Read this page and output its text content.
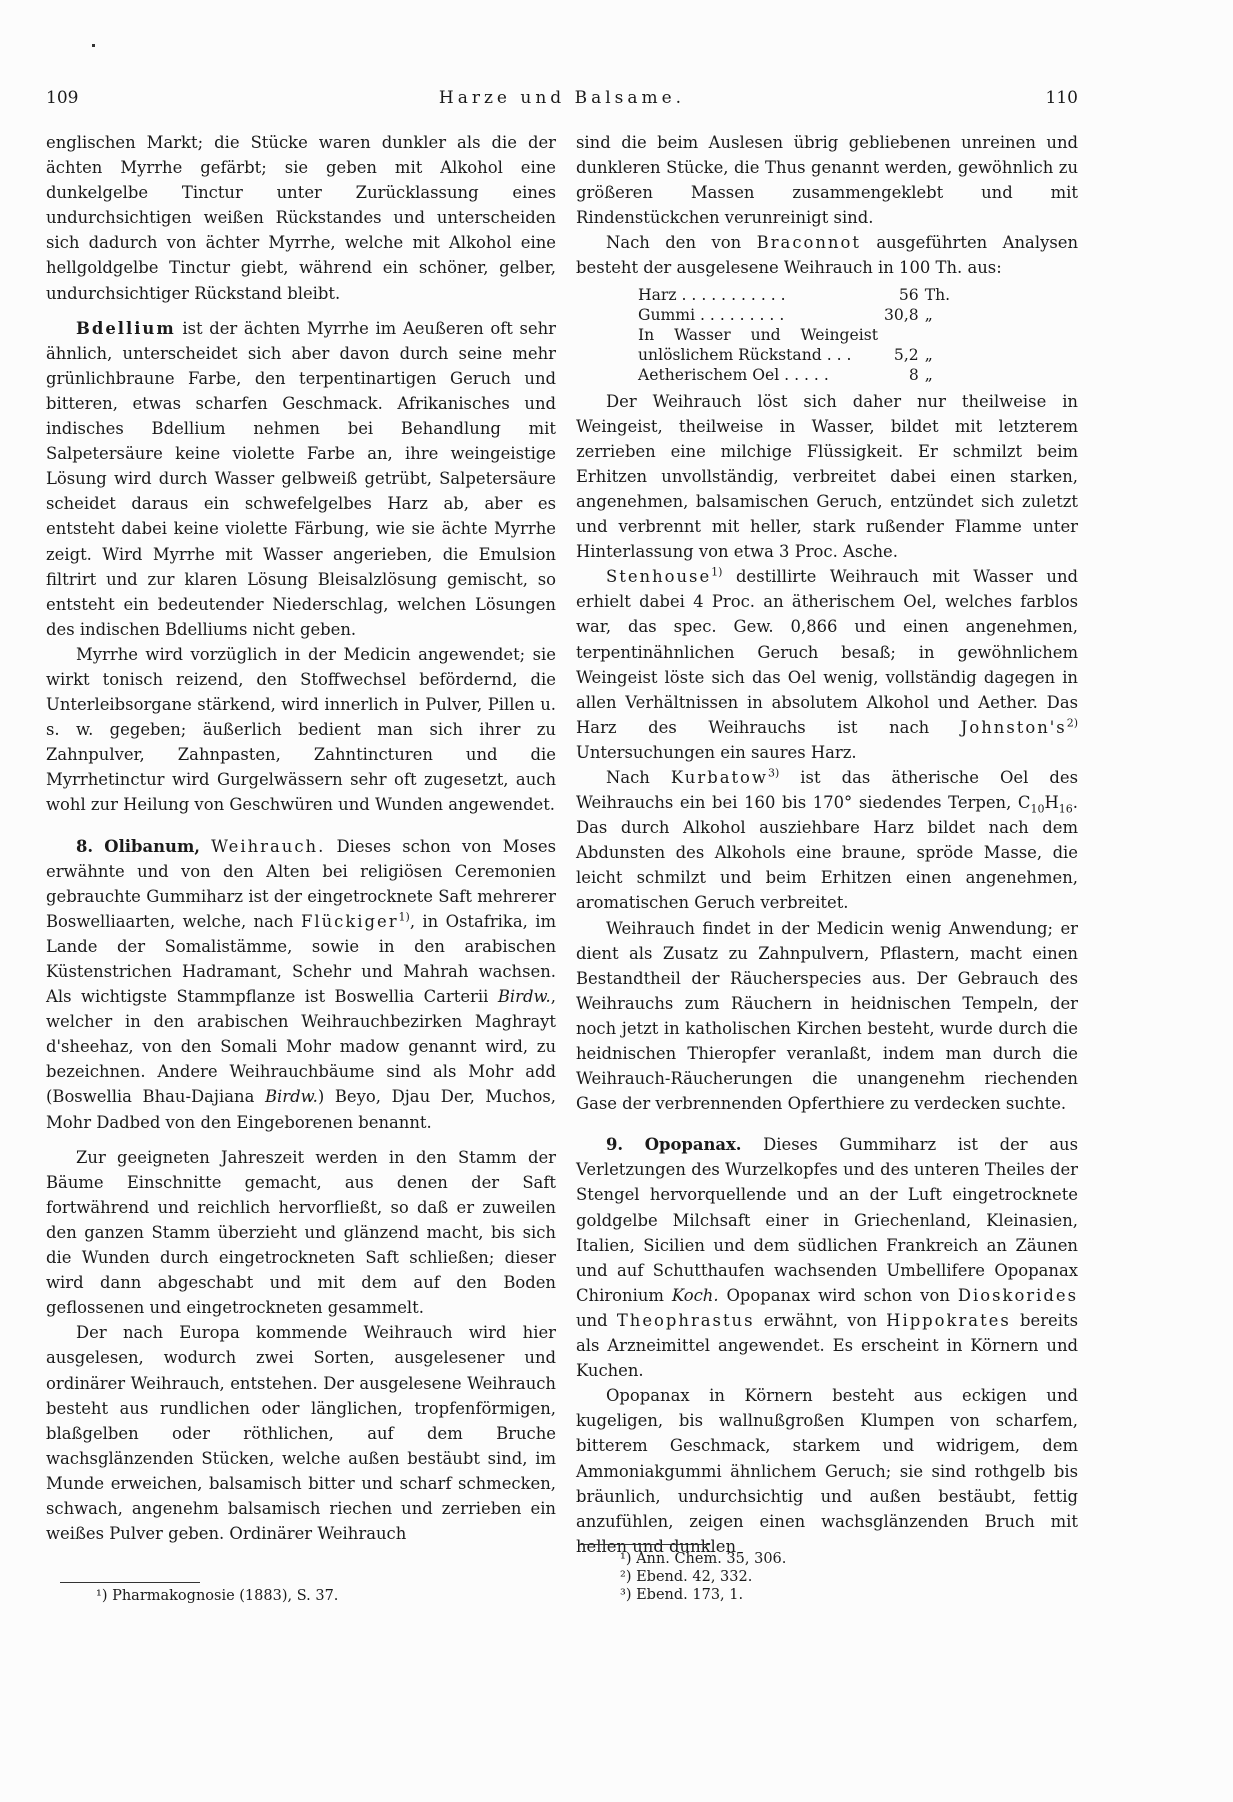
109	Harze und Balsame.	110

englischen Markt; die Stücke waren dunkler als die der ächten Myrrhe gefärbt; sie geben mit Alkohol eine dunkelgelbe Tinctur unter Zurücklassung eines undurchsichtigen weißen Rückstandes und unterscheiden sich dadurch von ächter Myrrhe, welche mit Alkohol eine hellgoldgelbe Tinctur giebt, während ein schöner, gelber, undurchsichtiger Rückstand bleibt.

Bdellium ist der ächten Myrrhe im Aeußeren oft sehr ähnlich, unterscheidet sich aber davon durch seine mehr grünlichbraune Farbe, den terpentinartigen Geruch und bitteren, etwas scharfen Geschmack. Afrikanisches und indisches Bdellium nehmen bei Behandlung mit Salpetersäure keine violette Farbe an, ihre weingeistige Lösung wird durch Wasser gelbweiß getrübt, Salpetersäure scheidet daraus ein schwefelgelbes Harz ab, aber es entsteht dabei keine violette Färbung, wie sie ächte Myrrhe zeigt. Wird Myrrhe mit Wasser angerieben, die Emulsion filtrirt und zur klaren Lösung Bleisalzlösung gemischt, so entsteht ein bedeutender Niederschlag, welchen Lösungen des indischen Bdelliums nicht geben.

Myrrhe wird vorzüglich in der Medicin angewendet; sie wirkt tonisch reizend, den Stoffwechsel befördernd, die Unterleibsorgane stärkend, wird innerlich in Pulver, Pillen u. s. w. gegeben; äußerlich bedient man sich ihrer zu Zahnpulver, Zahnpasten, Zahntincturen und die Myrrhetinctur wird Gurgelwässern sehr oft zugesetzt, auch wohl zur Heilung von Geschwüren und Wunden angewendet.

8. Olibanum, Weihrauch. Dieses schon von Moses erwähnte und von den Alten bei religiösen Ceremonien gebrauchte Gummiharz ist der eingetrocknete Saft mehrerer Boswelliaarten, welche, nach Flückiger$^{1)}$, in Ostafrika, im Lande der Somalistämme, sowie in den arabischen Küstenstrichen Hadramant, Schehr und Mahrah wachsen. Als wichtigste Stammpflanze ist Boswellia Carterii Birdw., welcher in den arabischen Weihrauchbezirken Maghrayt d'sheehaz, von den Somali Mohr madow genannt wird, zu bezeichnen. Andere Weihrauchbäume sind als Mohr add (Boswellia Bhau-Dajiana Birdw.) Beyo, Djau Der, Muchos, Mohr Dadbed von den Eingeborenen benannt.

Zur geeigneten Jahreszeit werden in den Stamm der Bäume Einschnitte gemacht, aus denen der Saft fortwährend und reichlich hervorfließt, so daß er zuweilen den ganzen Stamm überzieht und glänzend macht, bis sich die Wunden durch eingetrockneten Saft schließen; dieser wird dann abgeschabt und mit dem auf den Boden geflossenen und eingetrockneten gesammelt.

Der nach Europa kommende Weihrauch wird hier ausgelesen, wodurch zwei Sorten, ausgelesener und ordinärer Weihrauch, entstehen. Der ausgelesene Weihrauch besteht aus rundlichen oder länglichen, tropfenförmigen, blaßgelben oder röthlichen, auf dem Bruche wachsglänzenden Stücken, welche außen bestäubt sind, im Munde erweichen, balsamisch bitter und scharf schmecken, schwach, angenehm balsamisch riechen und zerrieben ein weißes Pulver geben. Ordinärer Weihrauch

sind die beim Auslesen übrig gebliebenen unreinen und dunkleren Stücke, die Thus genannt werden, gewöhnlich zu größeren Massen zusammengeklebt und mit Rindenstückchen verunreinigt sind.

Nach den von Braconnot ausgeführten Analysen besteht der ausgelesene Weihrauch in 100 Th. aus:

Harz . . . . . . . . . . .	56	Th.
Gummi . . . . . . . . .	30,8	„
In Wasser und Weingeist unlöslichem Rückstand . . .	5,2	„
Aetherischem Oel . . . . .	8	„

Der Weihrauch löst sich daher nur theilweise in Weingeist, theilweise in Wasser, bildet mit letzterem zerrieben eine milchige Flüssigkeit. Er schmilzt beim Erhitzen unvollständig, verbreitet dabei einen starken, angenehmen, balsamischen Geruch, entzündet sich zuletzt und verbrennt mit heller, stark rußender Flamme unter Hinterlassung von etwa 3 Proc. Asche.

Stenhouse$^{1)}$ destillirte Weihrauch mit Wasser und erhielt dabei 4 Proc. an ätherischem Oel, welches farblos war, das spec. Gew. 0,866 und einen angenehmen, terpentinähnlichen Geruch besaß; in gewöhnlichem Weingeist löste sich das Oel wenig, vollständig dagegen in allen Verhältnissen in absolutem Alkohol und Aether. Das Harz des Weihrauchs ist nach $Johnston's^{2)}$ Untersuchungen ein saures Harz.

Nach Kurbatow$^{3)}$ ist das ätherische Oel des Weihrauchs ein bei 160 bis 170° siedendes Terpen, $C_{10}H_{16}$. Das durch Alkohol ausziehbare Harz bildet nach dem Abdunsten des Alkohols eine braune, spröde Masse, die leicht schmilzt und beim Erhitzen einen angenehmen, aromatischen Geruch verbreitet.

Weihrauch findet in der Medicin wenig Anwendung; er dient als Zusatz zu Zahnpulvern, Pflastern, macht einen Bestandtheil der Räucherspecies aus. Der Gebrauch des Weihrauchs zum Räuchern in heidnischen Tempeln, der noch jetzt in katholischen Kirchen besteht, wurde durch die heidnischen Thieropfer veranlaßt, indem man durch die Weihrauch-Räucherungen die unangenehm riechenden Gase der verbrennenden Opferthiere zu verdecken suchte.

9. Opopanax. Dieses Gummiharz ist der aus Verletzungen des Wurzelkopfes und des unteren Theiles der Stengel hervorquellende und an der Luft eingetrocknete goldgelbe Milchsaft einer in Griechenland, Kleinasien, Italien, Sicilien und dem südlichen Frankreich an Zäunen und auf Schutthaufen wachsenden Umbellifere Opopanax Chironium Koch. Opopanax wird schon von Dioskorides und Theophrastus erwähnt, von Hippokrates bereits als Arzneimittel angewendet. Es erscheint in Körnern und Kuchen.

Opopanax in Körnern besteht aus eckigen und kugeligen, bis wallnußgroßen Klumpen von scharfem, bitterem Geschmack, starkem und widrigem, dem Ammoniakgummi ähnlichem Geruch; sie sind rothgelb bis bräunlich, undurchsichtig und außen bestäubt, fettig anzufühlen, zeigen einen wachsglänzenden Bruch mit hellen und dunklen

¹) Pharmakognosie (1883), S. 37.
¹) Ann. Chem. 35, 306.
²) Ebend. 42, 332.
³) Ebend. 173, 1.
